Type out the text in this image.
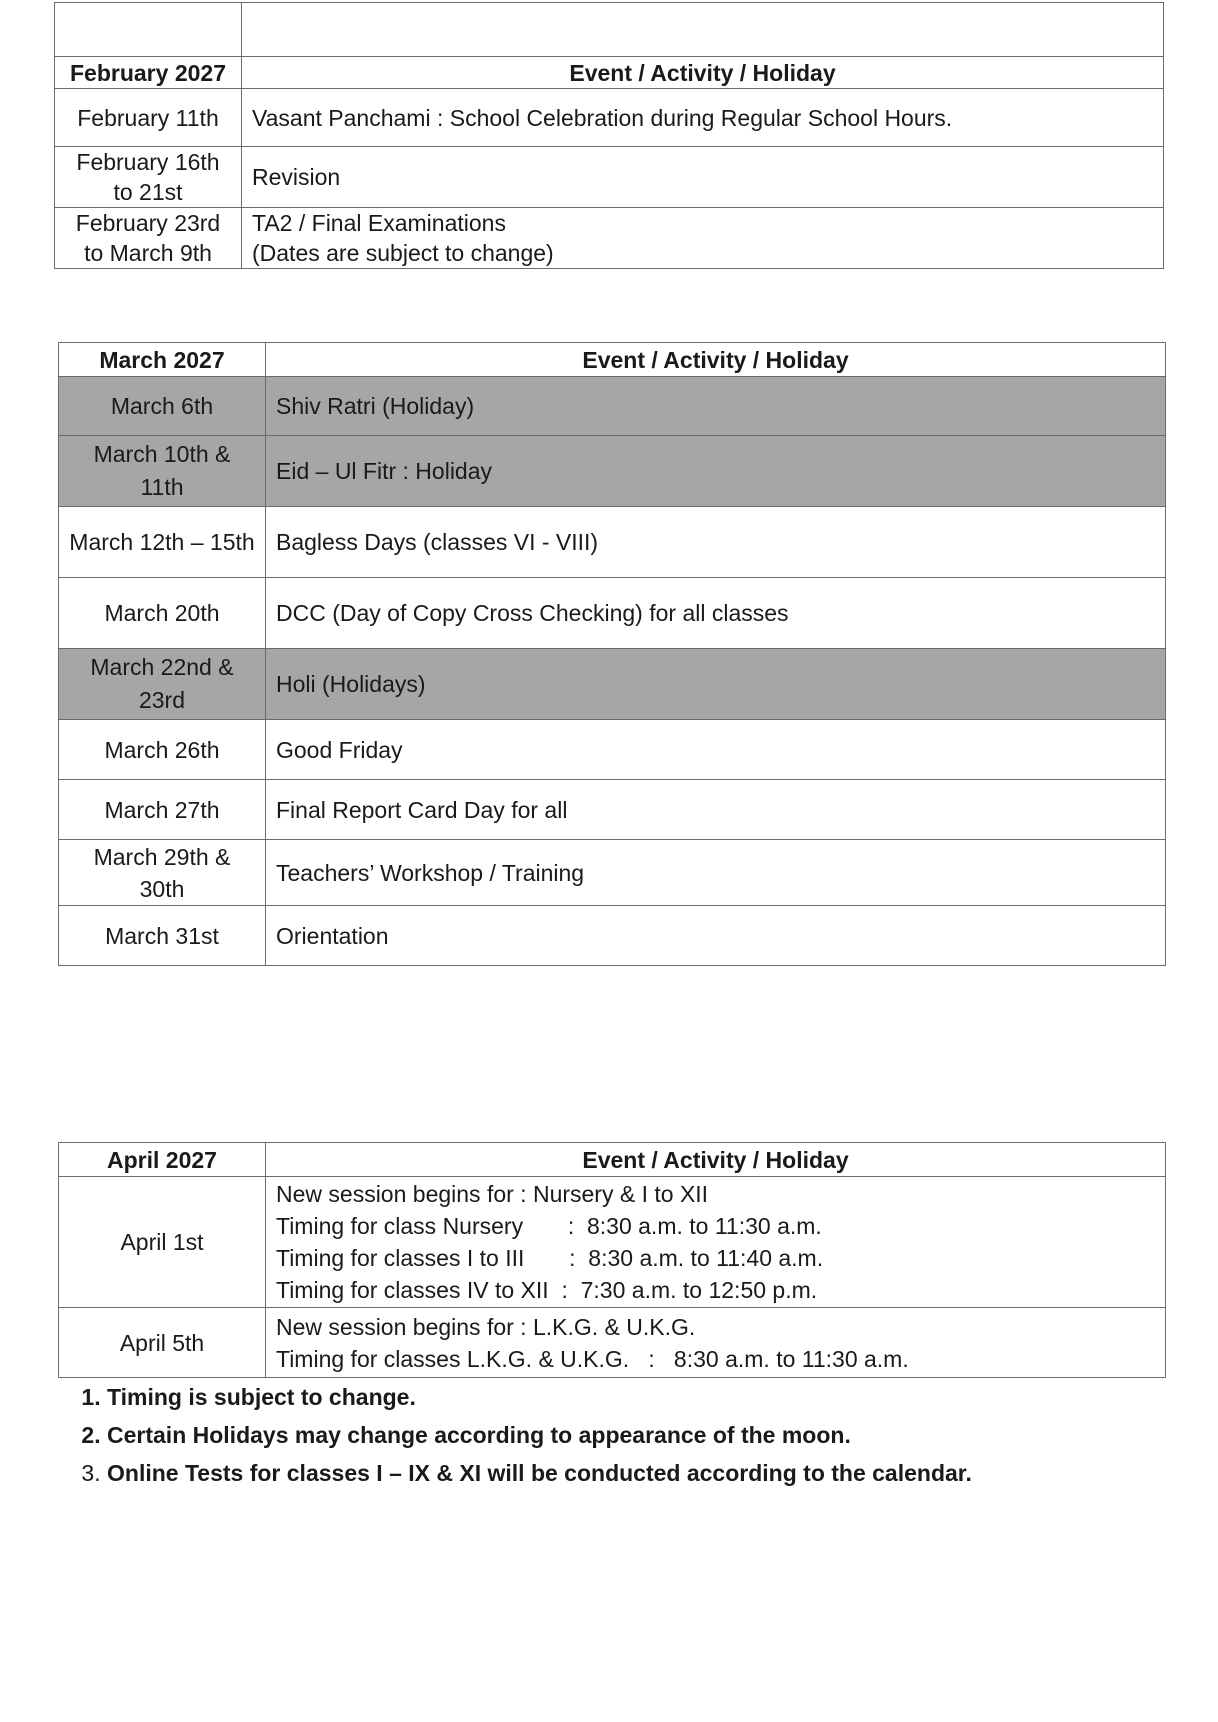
February 2027	Event / Activity / Holiday
February 11th	Vasant Panchami : School Celebration during Regular School Hours.
February 16th to 21st	Revision
February 23rd to March 9th	TA2 / Final Examinations
(Dates are subject to change)
March 2027	Event / Activity / Holiday
March 6th	Shiv Ratri (Holiday)
March 10th & 11th	Eid – Ul Fitr : Holiday
March 12th – 15th	Bagless Days (classes VI - VIII)
March 20th	DCC (Day of Copy Cross Checking) for all classes
March 22nd & 23rd	Holi (Holidays)
March 26th	Good Friday
March 27th	Final Report Card Day for all
March 29th & 30th	Teachers’ Workshop / Training
March 31st	Orientation
April 2027	Event / Activity / Holiday
April 1st	New session begins for : Nursery & I to XII
Timing for class Nursery       :  8:30 a.m. to 11:30 a.m.
Timing for classes I to III       :  8:30 a.m. to 11:40 a.m.
Timing for classes IV to XII  :  7:30 a.m. to 12:50 p.m.

April 5th	New session begins for : L.K.G. & U.K.G.
Timing for classes L.K.G. & U.K.G.   :   8:30 a.m. to 11:30 a.m.
1. Timing is subject to change.
2. Certain Holidays may change according to appearance of the moon.
3. Online Tests for classes I – IX & XI will be conducted according to the calendar.
